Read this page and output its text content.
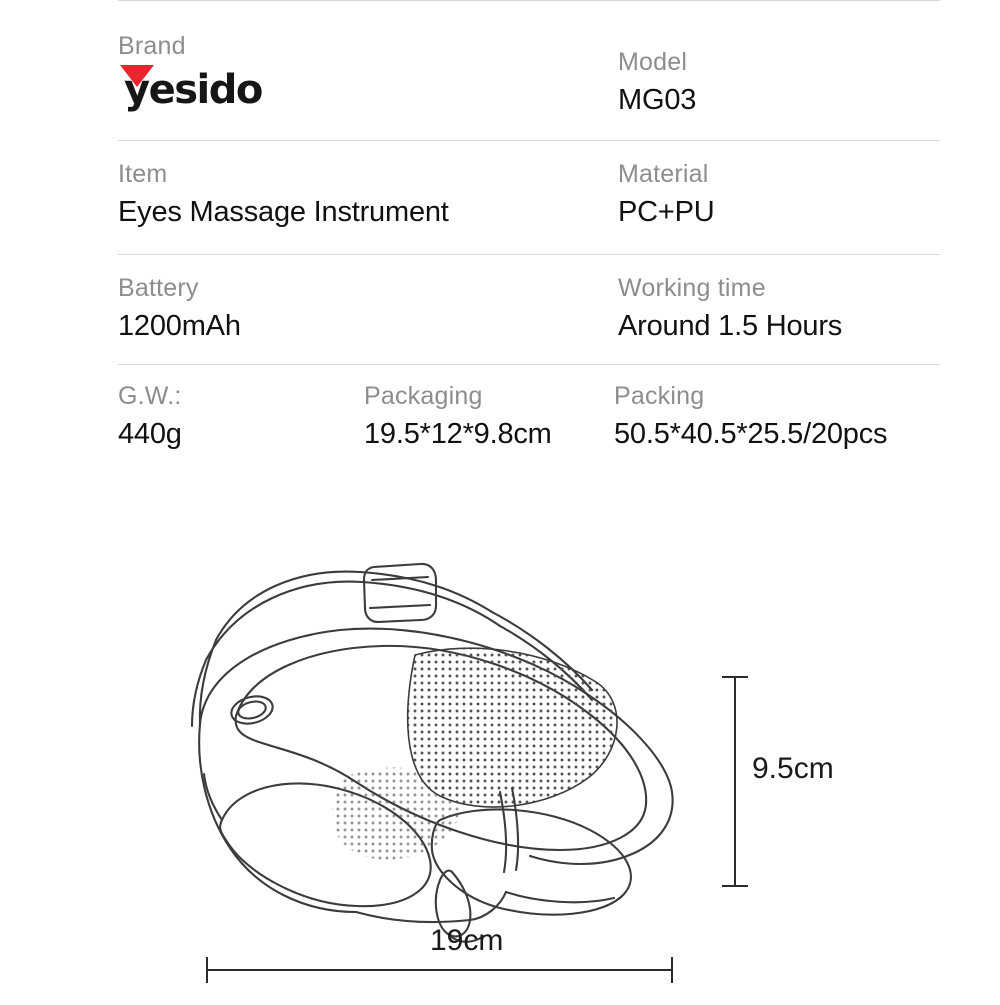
Brand
yesido
Model
MG03
Item
Eyes Massage Instrument
Material
PC+PU
Battery
1200mAh
Working time
Around 1.5 Hours
G.W.:
440g
Packaging
19.5*12*9.8cm
Packing
50.5*40.5*25.5/20pcs
9.5cm
19cm
